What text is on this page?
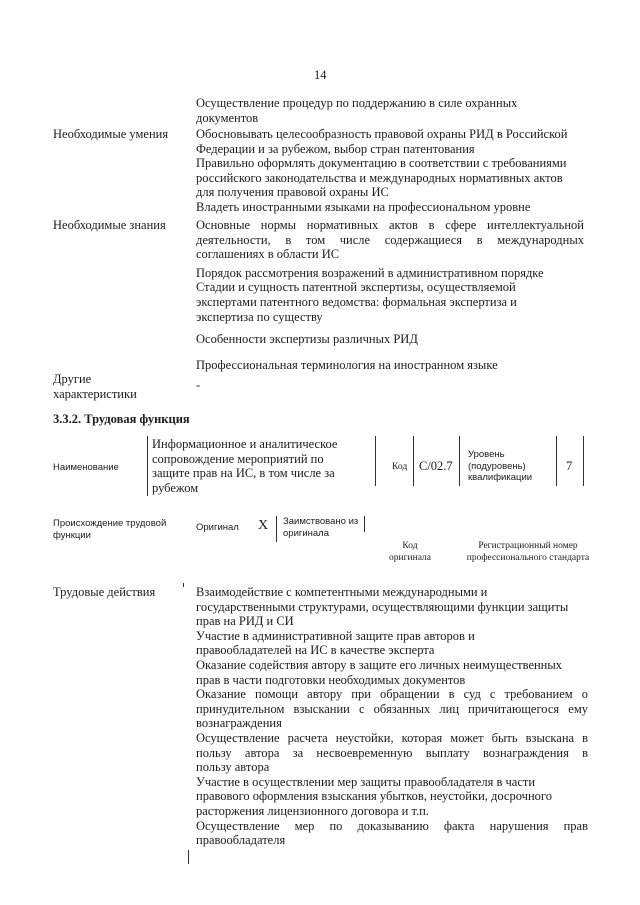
14
Осуществление процедур по поддержанию в силе охранных
документов
Необходимые умения Обосновывать целесообразность правовой охраны РИД в Российской
Федерации и за рубежом, выбор стран патентования
Правильно оформлять документацию в соответствии с требованиями
российского законодательства и международных нормативных актов
для получения правовой охраны ИС
Владеть иностранными языками на профессиональном уровне
Необходимые знания Основные нормы нормативных актов в сфере интеллектуальной
деятельности, в том числе содержащиеся в международных
соглашениях в области ИС
Порядок рассмотрения возражений в административном порядке
Стадии и сущность патентной экспертизы, осуществляемой
экспертами патентного ведомства: формальная экспертиза и
экспертиза по существу
Особенности экспертизы различных РИД
Профессиональная терминология на иностранном языке
Другие
характеристики
-
3.3.2. Трудовая функция
Наименование
Информационное и аналитическое
сопровождение мероприятий по
защите прав на ИС, в том числе за
рубежом
Код C/02.7
Уровень
(подуровень)
квалификации
7
Происхождение трудовой
функции
Оригинал X Заимствовано из
оригинала
Код
оригинала
Регистрационный номер
профессионального стандарта
Трудовые действия	Взаимодействие с компетентными международными и
государственными структурами, осуществляющими функции защиты
прав на РИД и СИ
Участие в административной защите прав авторов и
правообладателей на ИС в качестве эксперта
Оказание содействия автору в защите его личных неимущественных
прав в части подготовки необходимых документов
Оказание помощи автору при обращении в суд с требованием о
принудительном взыскании с обязанных лиц причитающегося ему
вознаграждения
Осуществление расчета неустойки, которая может быть взыскана в
пользу автора за несвоевременную выплату вознаграждения в
пользу автора
Участие в осуществлении мер защиты правообладателя в части
правового оформления взыскания убытков, неустойки, досрочного
расторжения лицензионного договора и т.п.
Осуществление мер по доказыванию факта нарушения прав
правообладателя
